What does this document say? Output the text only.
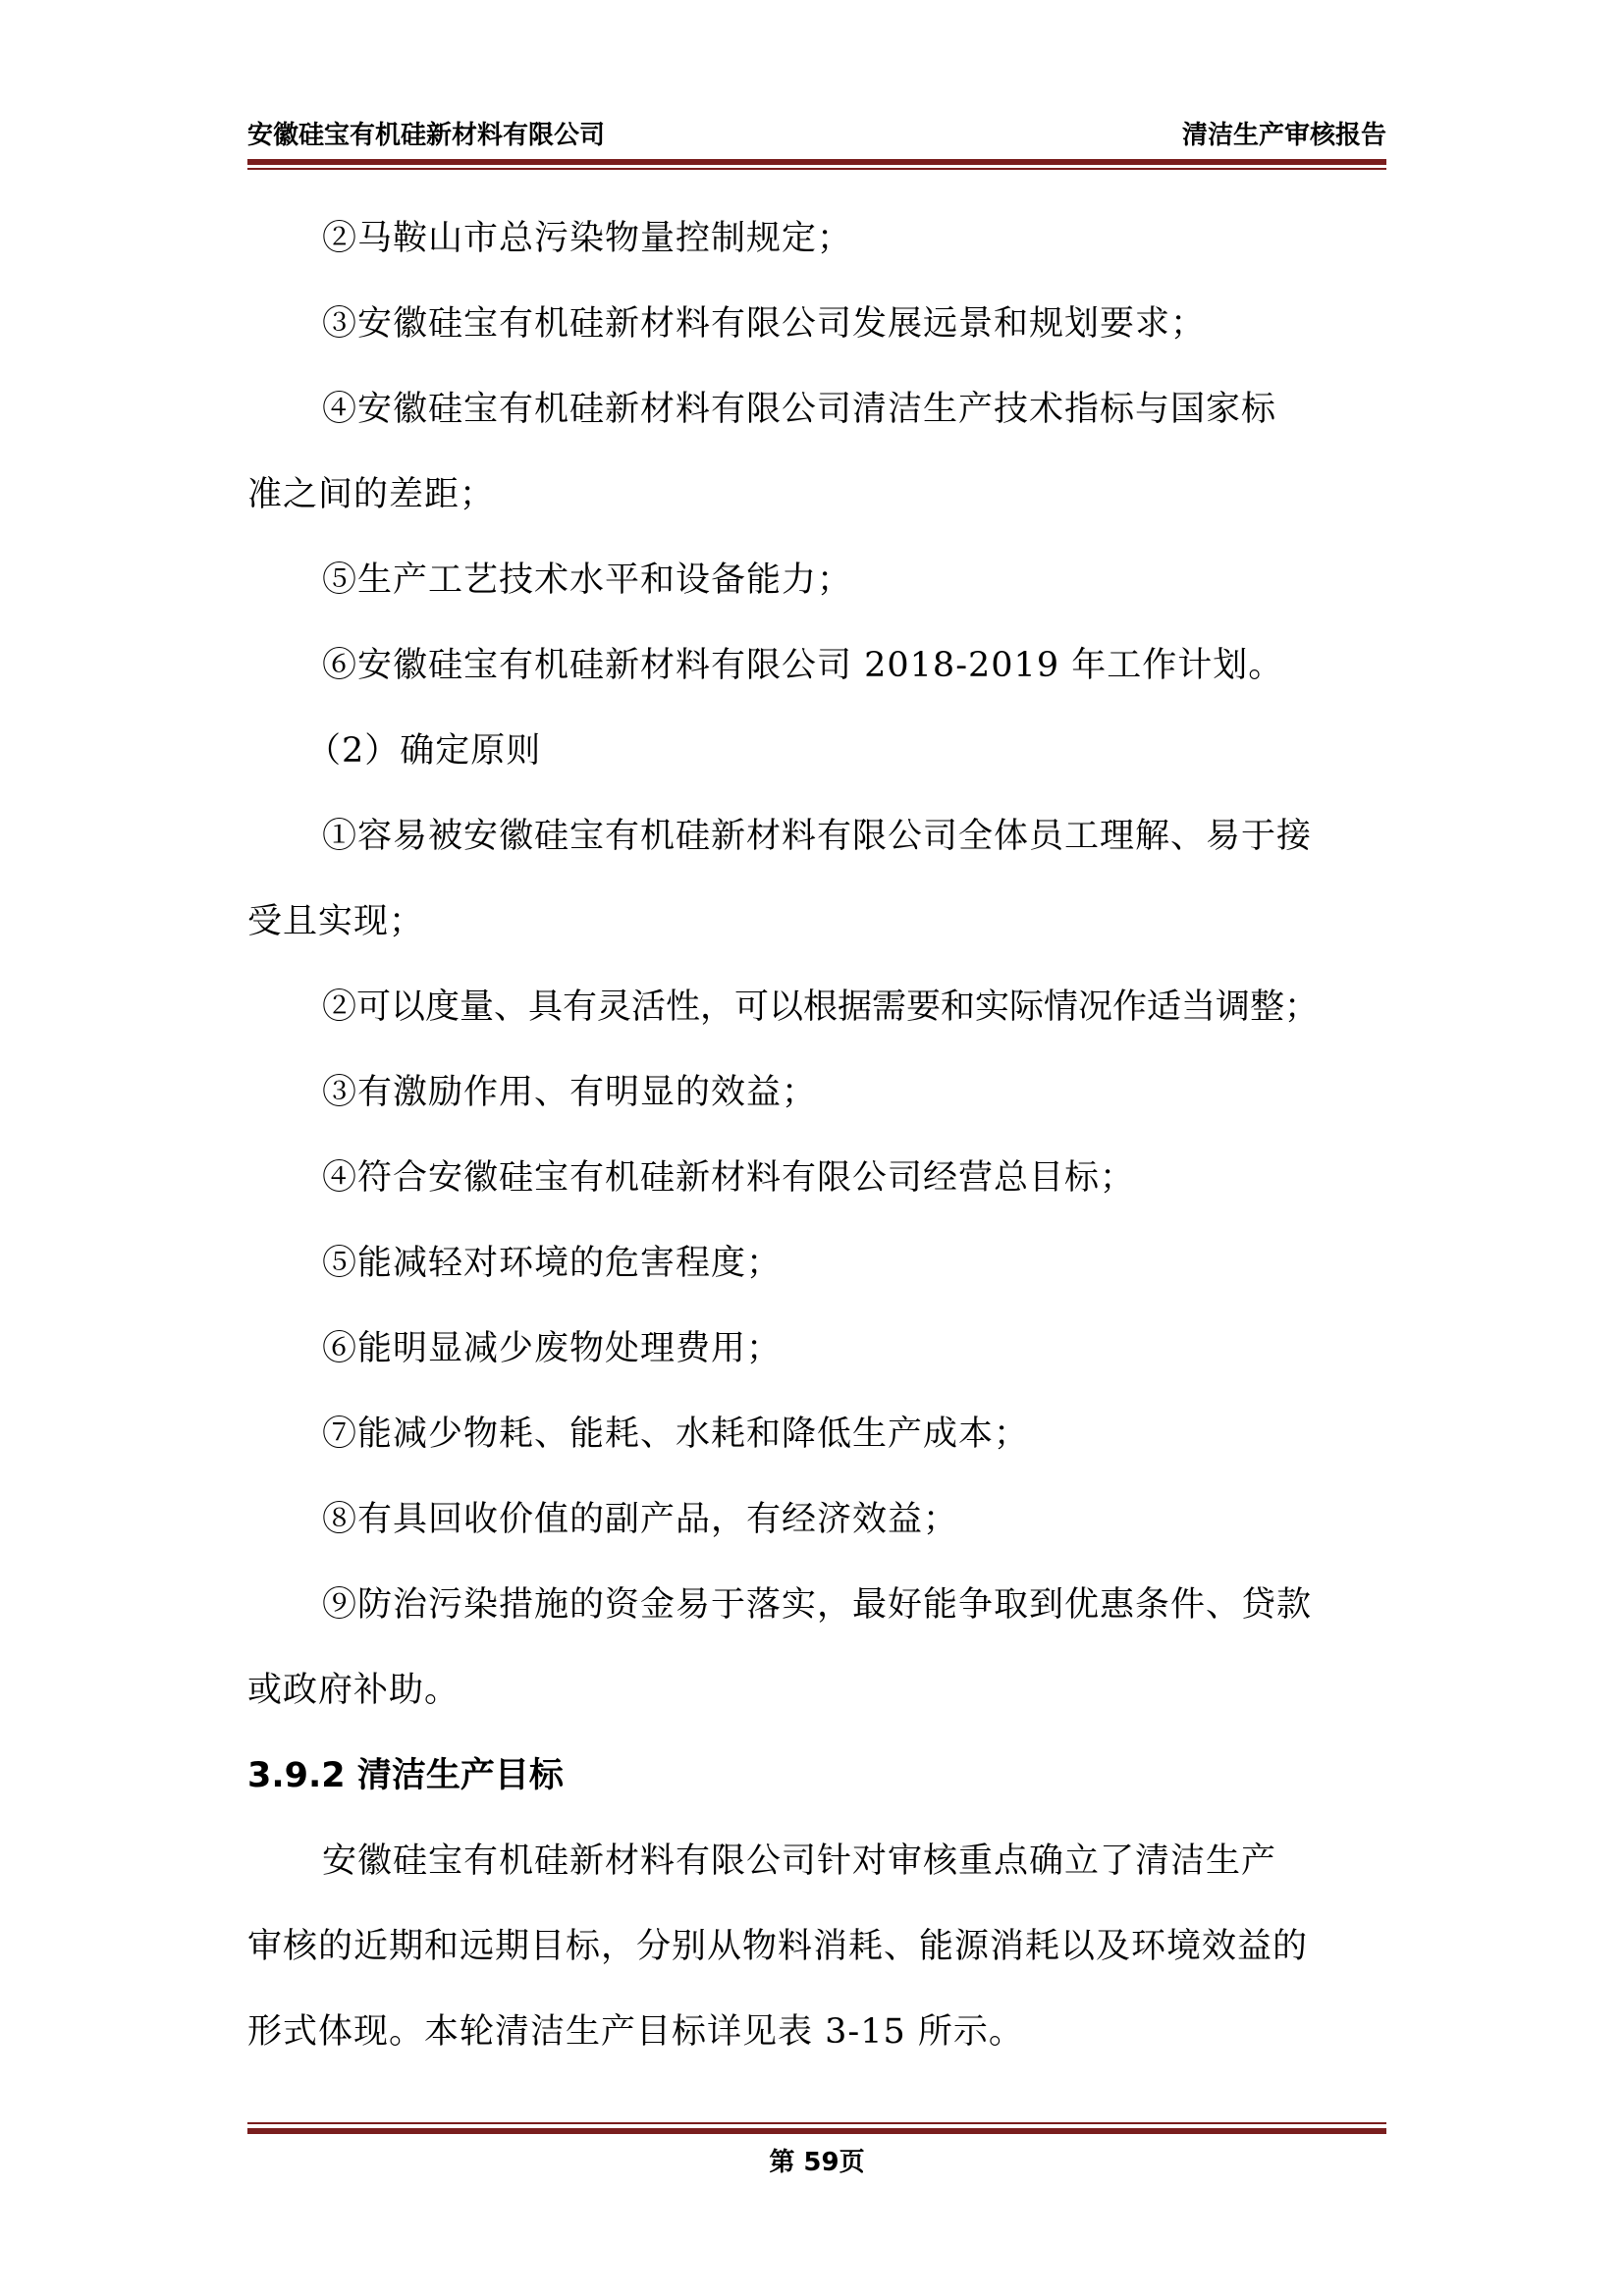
安徽硅宝有机硅新材料有限公司	清洁生产审核报告
②马鞍山市总污染物量控制规定；
③安徽硅宝有机硅新材料有限公司发展远景和规划要求；
④安徽硅宝有机硅新材料有限公司清洁生产技术指标与国家标
准之间的差距；
⑤生产工艺技术水平和设备能力；
⑥安徽硅宝有机硅新材料有限公司 2018-2019 年工作计划。
（2）确定原则
①容易被安徽硅宝有机硅新材料有限公司全体员工理解、易于接
受且实现；
②可以度量、具有灵活性，可以根据需要和实际情况作适当调整；
③有激励作用、有明显的效益；
④符合安徽硅宝有机硅新材料有限公司经营总目标；
⑤能减轻对环境的危害程度；
⑥能明显减少废物处理费用；
⑦能减少物耗、能耗、水耗和降低生产成本；
⑧有具回收价值的副产品，有经济效益；
⑨防治污染措施的资金易于落实，最好能争取到优惠条件、贷款
或政府补助。
3.9.2 清洁生产目标
安徽硅宝有机硅新材料有限公司针对审核重点确立了清洁生产
审核的近期和远期目标，分别从物料消耗、能源消耗以及环境效益的
形式体现。本轮清洁生产目标详见表 3-15 所示。
第 59页
